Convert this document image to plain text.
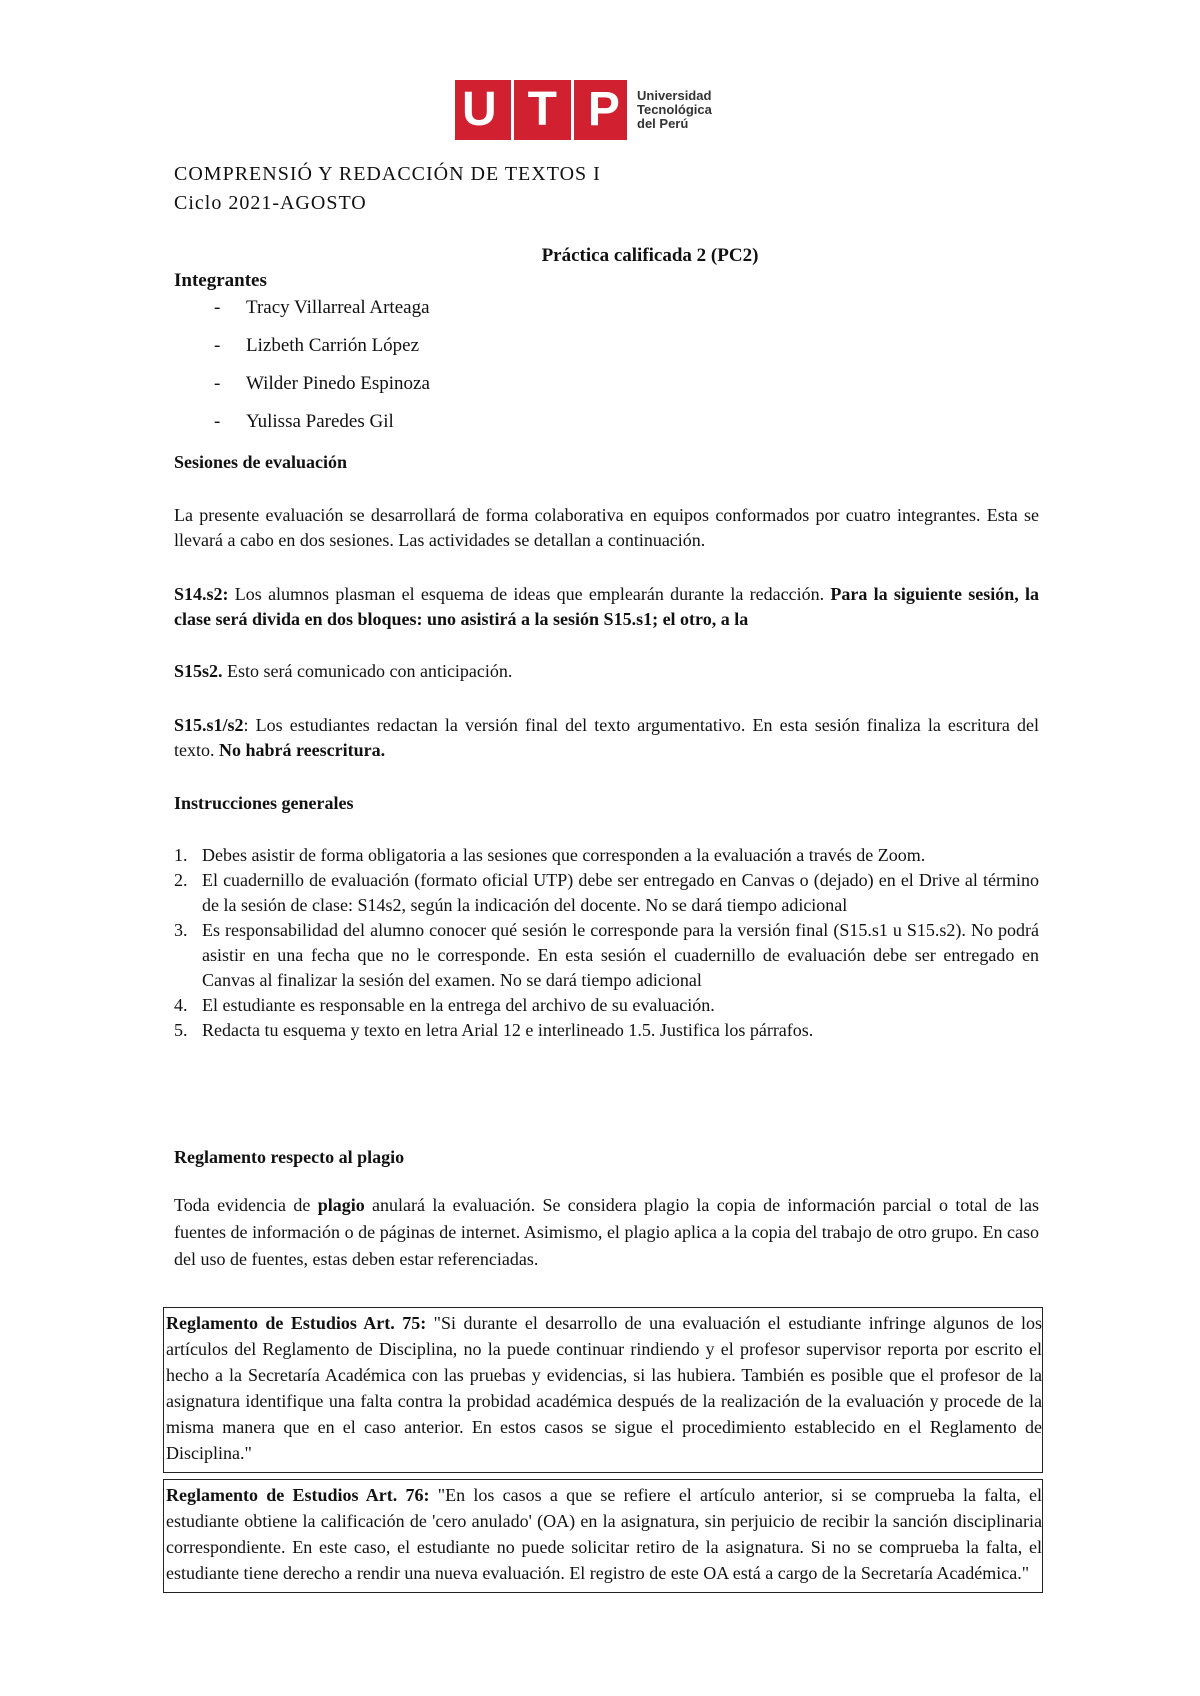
U T P Universidad
Tecnológica
del Perú
COMPRENSIÓ Y REDACCIÓN DE TEXTOS I
Ciclo 2021-AGOSTO
Práctica calificada 2 (PC2)
Integrantes
-	Tracy Villarreal Arteaga
-	Lizbeth Carrión López
-	Wilder Pinedo Espinoza
-	Yulissa Paredes Gil
Sesiones de evaluación
La presente evaluación se desarrollará de forma colaborativa en equipos conformados por cuatro integrantes. Esta se llevará a cabo en dos sesiones. Las actividades se detallan a continuación.
S14.s2: Los alumnos plasman el esquema de ideas que emplearán durante la redacción. Para la siguiente sesión, la clase será divida en dos bloques: uno asistirá a la sesión S15.s1; el otro, a la
S15s2. Esto será comunicado con anticipación.
S15.s1/s2: Los estudiantes redactan la versión final del texto argumentativo. En esta sesión finaliza la escritura del texto. No habrá reescritura.
Instrucciones generales
1. Debes asistir de forma obligatoria a las sesiones que corresponden a la evaluación a través de Zoom.
2. El cuadernillo de evaluación (formato oficial UTP) debe ser entregado en Canvas o (dejado) en el Drive al término de la sesión de clase: S14s2, según la indicación del docente. No se dará tiempo adicional
3. Es responsabilidad del alumno conocer qué sesión le corresponde para la versión final (S15.s1 u S15.s2). No podrá asistir en una fecha que no le corresponde. En esta sesión el cuadernillo de evaluación debe ser entregado en Canvas al finalizar la sesión del examen. No se dará tiempo adicional
4. El estudiante es responsable en la entrega del archivo de su evaluación.
5. Redacta tu esquema y texto en letra Arial 12 e interlineado 1.5. Justifica los párrafos.
Reglamento respecto al plagio
Toda evidencia de plagio anulará la evaluación. Se considera plagio la copia de información parcial o total de las fuentes de información o de páginas de internet. Asimismo, el plagio aplica a la copia del trabajo de otro grupo. En caso del uso de fuentes, estas deben estar referenciadas.
Reglamento de Estudios Art. 75: "Si durante el desarrollo de una evaluación el estudiante infringe algunos de los artículos del Reglamento de Disciplina, no la puede continuar rindiendo y el profesor supervisor reporta por escrito el hecho a la Secretaría Académica con las pruebas y evidencias, si las hubiera. También es posible que el profesor de la asignatura identifique una falta contra la probidad académica después de la realización de la evaluación y procede de la misma manera que en el caso anterior. En estos casos se sigue el procedimiento establecido en el Reglamento de Disciplina."
Reglamento de Estudios Art. 76: "En los casos a que se refiere el artículo anterior, si se comprueba la falta, el estudiante obtiene la calificación de 'cero anulado' (OA) en la asignatura, sin perjuicio de recibir la sanción disciplinaria correspondiente. En este caso, el estudiante no puede solicitar retiro de la asignatura. Si no se comprueba la falta, el estudiante tiene derecho a rendir una nueva evaluación. El registro de este OA está a cargo de la Secretaría Académica."
